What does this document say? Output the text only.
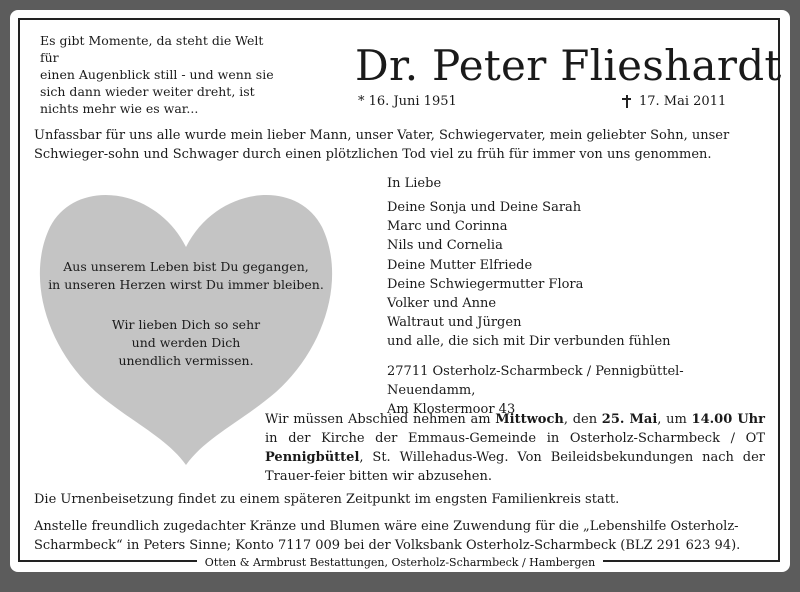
Es gibt Momente, da steht die Welt für
einen Augenblick still - und wenn sie
sich dann wieder weiter dreht, ist
nichts mehr wie es war...
Dr. Peter Flieshardt
* 16. Juni 1951	17. Mai 2011
Unfassbar für uns alle wurde mein lieber Mann, unser Vater, Schwiegervater, mein geliebter Sohn, unser Schwieger-sohn und Schwager durch einen plötzlichen Tod viel zu früh für immer von uns genommen.
Aus unserem Leben bist Du gegangen,
in unseren Herzen wirst Du immer bleiben.
Wir lieben Dich so sehr
und werden Dich
unendlich vermissen.
In Liebe
Deine Sonja und Deine Sarah
Marc und Corinna
Nils und Cornelia
Deine Mutter Elfriede
Deine Schwiegermutter Flora
Volker und Anne
Waltraut und Jürgen
und alle, die sich mit Dir verbunden fühlen
27711 Osterholz-Scharmbeck / Pennigbüttel-Neuendamm,
Am Klostermoor 43
Wir müssen Abschied nehmen am Mittwoch, den 25. Mai, um 14.00 Uhr in der Kirche der Emmaus-Gemeinde in Osterholz-Scharmbeck / OT Pennigbüttel, St. Willehadus-Weg. Von Beileidsbekundungen nach der Trauer-feier bitten wir abzusehen.
Die Urnenbeisetzung findet zu einem späteren Zeitpunkt im engsten Familienkreis statt.
Anstelle freundlich zugedachter Kränze und Blumen wäre eine Zuwendung für die „Lebenshilfe Osterholz-Scharmbeck“ in Peters Sinne; Konto 7117 009 bei der Volksbank Osterholz-Scharmbeck (BLZ 291 623 94).
Otten & Armbrust Bestattungen, Osterholz-Scharmbeck / Hambergen
